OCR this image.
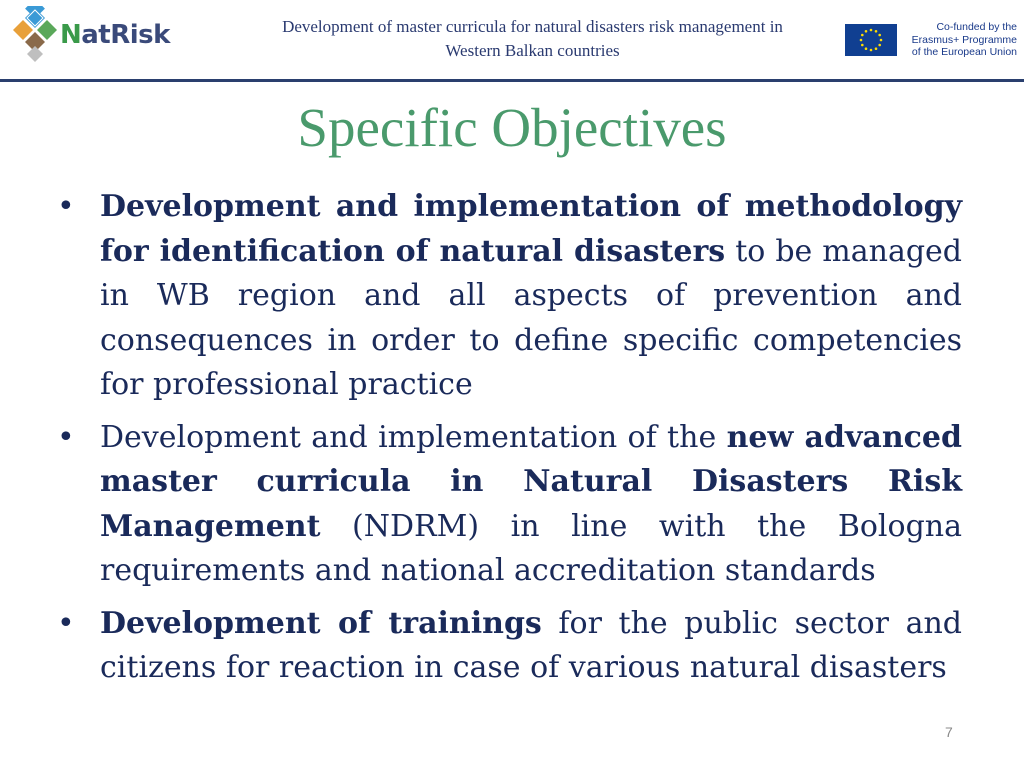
NatRisk	Development of master curricula for natural disasters risk management in Western Balkan countries
Co-funded by the
Erasmus+ Programme
of the European Union
Specific Objectives
• Development and implementation of methodology for identification of natural disasters to be managed in WB region and all aspects of prevention and consequences in order to define specific competencies for professional practice
• Development and implementation of the new advanced master curricula in Natural Disasters Risk Management (NDRM) in line with the Bologna requirements and national accreditation standards
• Development of trainings for the public sector and citizens for reaction in case of various natural disasters
7
